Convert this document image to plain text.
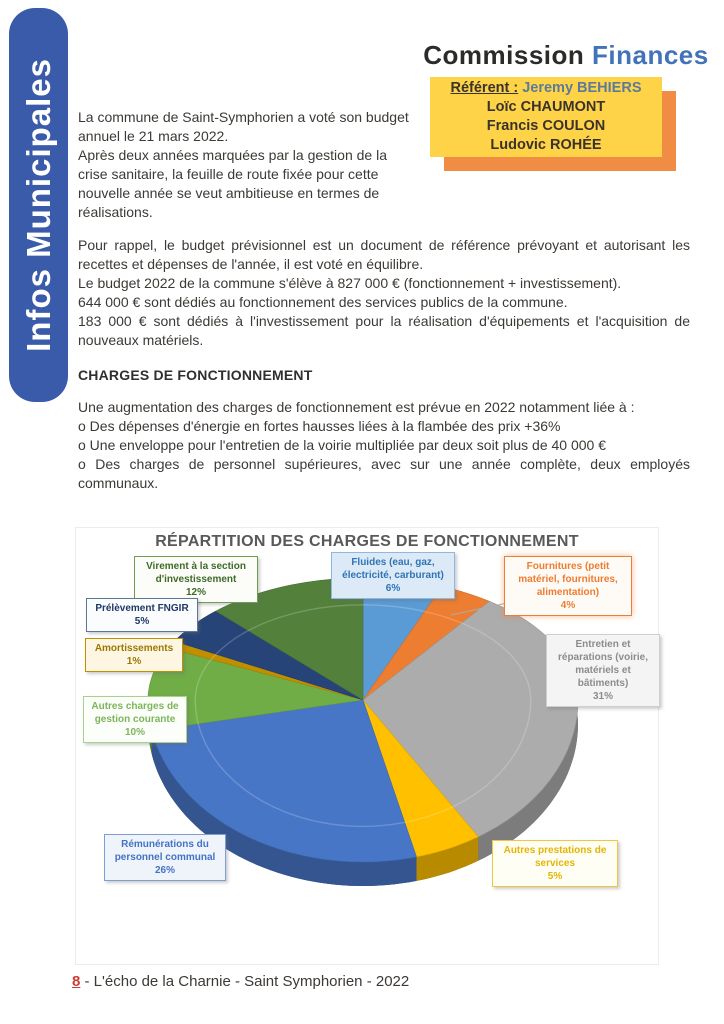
Infos Municipales
Commission Finances
Référent : Jeremy BEHIERS
Loïc CHAUMONT
Francis COULON
Ludovic ROHÉE
La commune de Saint-Symphorien a voté son budget annuel le 21 mars 2022.
Après deux années marquées par la gestion de la crise sanitaire, la feuille de route fixée pour cette nouvelle année se veut ambitieuse en termes de réalisations.
Pour rappel, le budget prévisionnel est un document de référence prévoyant et autorisant les recettes et dépenses de l'année, il est voté en équilibre.
Le budget 2022 de la commune s'élève à 827 000 € (fonctionnement + investissement).
644 000 € sont dédiés au fonctionnement des services publics de la commune.
183 000 € sont dédiés à l'investissement pour la réalisation d'équipements et l'acquisition de nouveaux matériels.
CHARGES DE FONCTIONNEMENT
Une augmentation des charges de fonctionnement est prévue en 2022 notamment liée à :
o Des dépenses d'énergie en fortes hausses liées à la flambée des prix +36%
o Une enveloppe pour l'entretien de la voirie multipliée par deux soit plus de 40 000 €
o Des charges de personnel supérieures, avec sur une année complète, deux employés communaux.
RÉPARTITION DES CHARGES DE FONCTIONNEMENT
Virement à la section
d'investissement
12%
Fluides (eau, gaz,
électricité, carburant)
6%
Fournitures (petit
matériel, fournitures,
alimentation)
4%
Prélèvement FNGIR
5%
Amortissements
1%
Autres charges de
gestion courante
10%
Rémunérations du
personnel communal
26%
Entretien et
réparations (voirie,
matériels et
bâtiments)
31%
Autres prestations de
services
5%
8 - L'écho de la Charnie - Saint Symphorien - 2022
